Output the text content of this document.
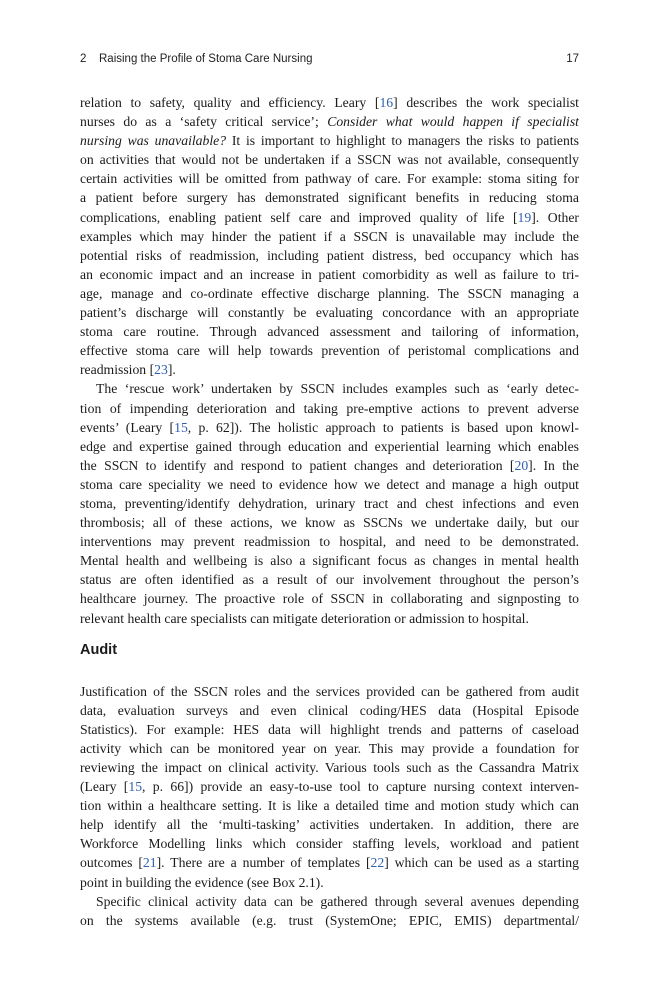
2 Raising the Profile of Stoma Care Nursing	17
relation to safety, quality and efficiency. Leary [16] describes the work specialist
nurses do as a ‘safety critical service’; Consider what would happen if specialist
nursing was unavailable? It is important to highlight to managers the risks to patients
on activities that would not be undertaken if a SSCN was not available, consequently
certain activities will be omitted from pathway of care. For example: stoma siting for
a patient before surgery has demonstrated significant benefits in reducing stoma
complications, enabling patient self care and improved quality of life [19]. Other
examples which may hinder the patient if a SSCN is unavailable may include the
potential risks of readmission, including patient distress, bed occupancy which has
an economic impact and an increase in patient comorbidity as well as failure to tri-
age, manage and co-ordinate effective discharge planning. The SSCN managing a
patient’s discharge will constantly be evaluating concordance with an appropriate
stoma care routine. Through advanced assessment and tailoring of information,
effective stoma care will help towards prevention of peristomal complications and
readmission [23].
The ‘rescue work’ undertaken by SSCN includes examples such as ‘early detec-
tion of impending deterioration and taking pre-emptive actions to prevent adverse
events’ (Leary [15, p. 62]). The holistic approach to patients is based upon knowl-
edge and expertise gained through education and experiential learning which enables
the SSCN to identify and respond to patient changes and deterioration [20]. In the
stoma care speciality we need to evidence how we detect and manage a high output
stoma, preventing/identify dehydration, urinary tract and chest infections and even
thrombosis; all of these actions, we know as SSCNs we undertake daily, but our
interventions may prevent readmission to hospital, and need to be demonstrated.
Mental health and wellbeing is also a significant focus as changes in mental health
status are often identified as a result of our involvement throughout the person’s
healthcare journey. The proactive role of SSCN in collaborating and signposting to
relevant health care specialists can mitigate deterioration or admission to hospital.
Audit
Justification of the SSCN roles and the services provided can be gathered from audit
data, evaluation surveys and even clinical coding/HES data (Hospital Episode
Statistics). For example: HES data will highlight trends and patterns of caseload
activity which can be monitored year on year. This may provide a foundation for
reviewing the impact on clinical activity. Various tools such as the Cassandra Matrix
(Leary [15, p. 66]) provide an easy-to-use tool to capture nursing context interven-
tion within a healthcare setting. It is like a detailed time and motion study which can
help identify all the ‘multi-tasking’ activities undertaken. In addition, there are
Workforce Modelling links which consider staffing levels, workload and patient
outcomes [21]. There are a number of templates [22] which can be used as a starting
point in building the evidence (see Box 2.1).
Specific clinical activity data can be gathered through several avenues depending
on the systems available (e.g. trust (SystemOne; EPIC, EMIS) departmental/
